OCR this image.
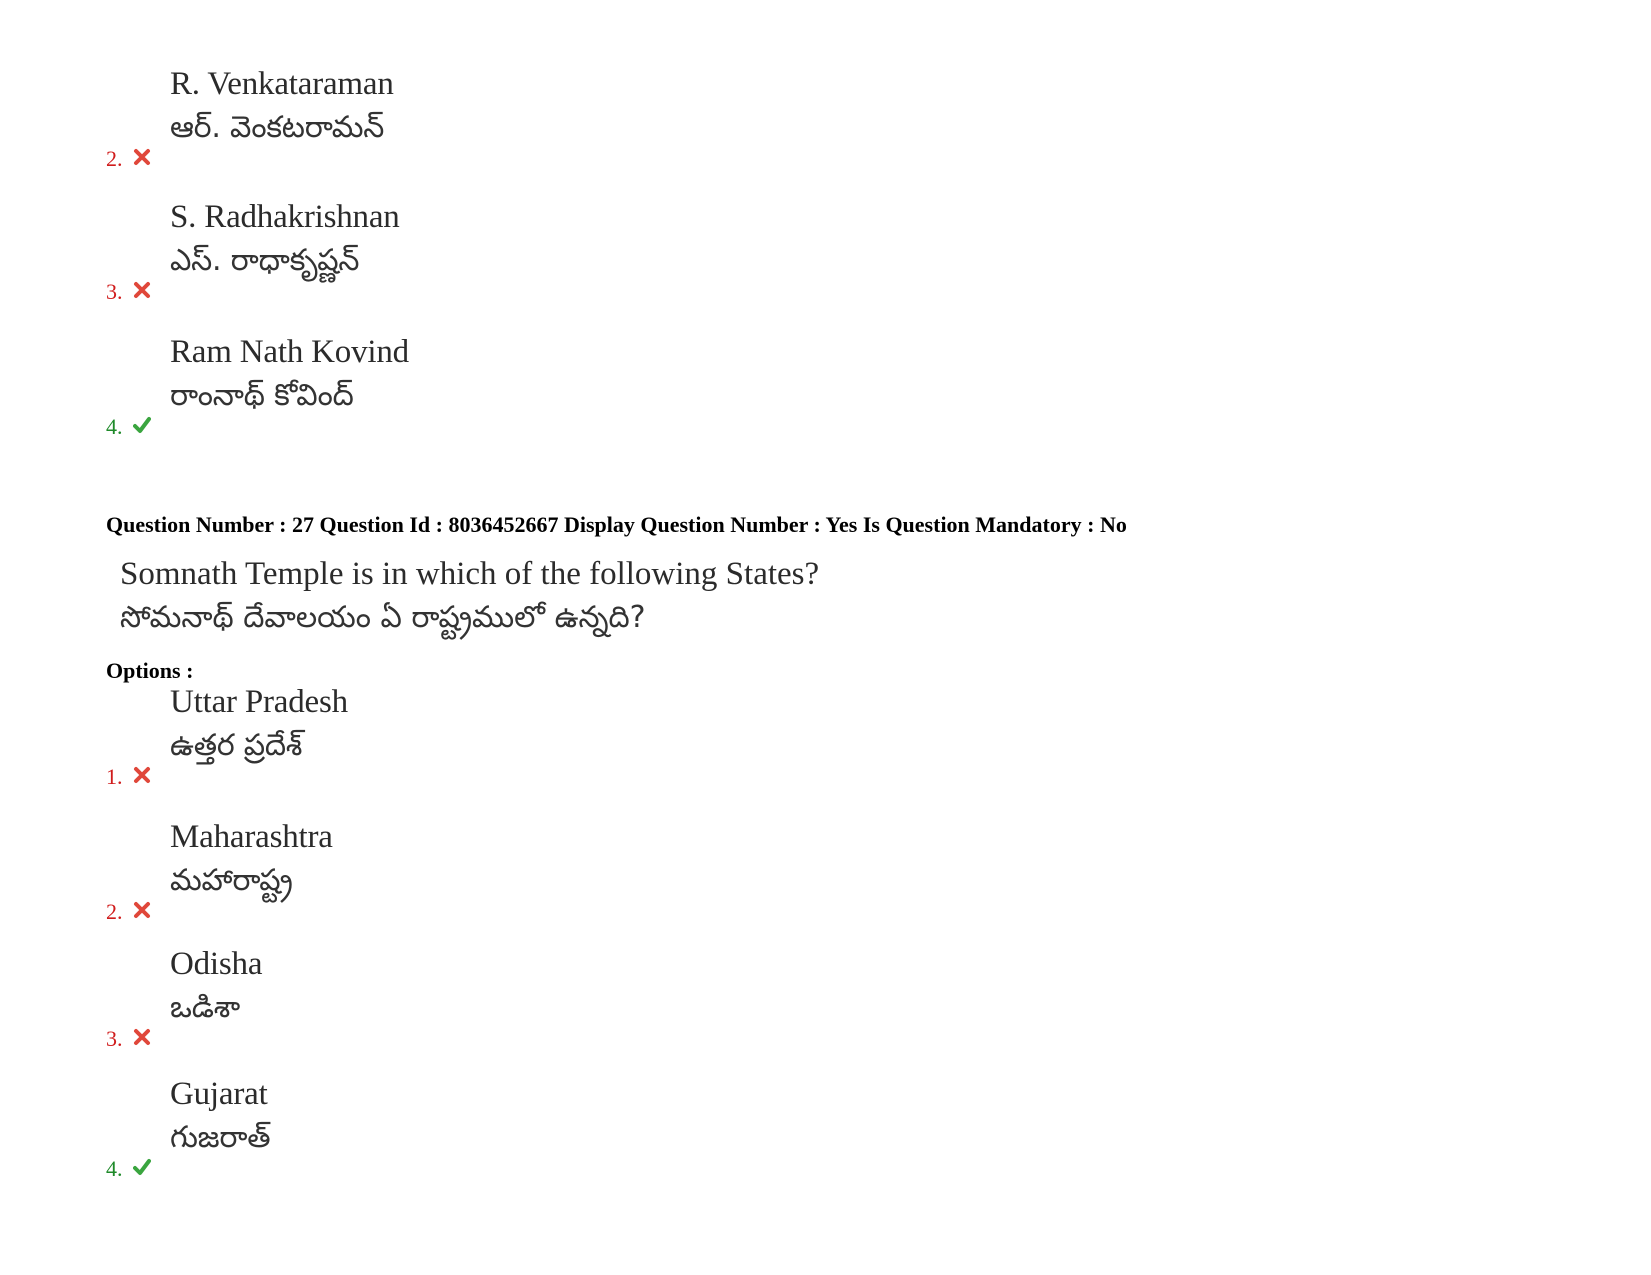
R. Venkataraman
ఆర్. వెంకటరామన్
2.
S. Radhakrishnan
ఎస్. రాధాకృష్ణన్
3.
Ram Nath Kovind
రాంనాథ్ కోవింద్
4.
Question Number : 27 Question Id : 8036452667 Display Question Number : Yes Is Question Mandatory : No
Somnath Temple is in which of the following States?
సోమనాథ్ దేవాలయం ఏ రాష్ట్రములో ఉన్నది?
Options :
Uttar Pradesh
ఉత్తర ప్రదేశ్
1.
Maharashtra
మహారాష్ట్ర
2.
Odisha
ఒడిశా
3.
Gujarat
గుజరాత్
4.
